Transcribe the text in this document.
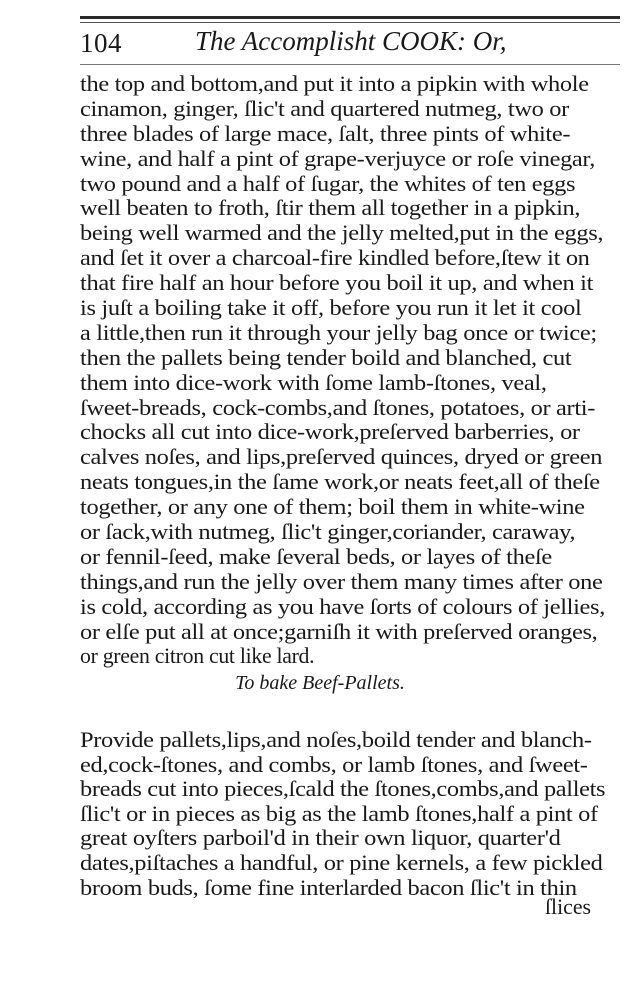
104	The Accomplisht COOK: Or,
the top and bottom,and put it into a pipkin with whole
cinamon, ginger, ſlic't and quartered nutmeg, two or
three blades of large mace, ſalt, three pints of white-
wine, and half a pint of grape-verjuyce or roſe vinegar,
two pound and a half of ſugar, the whites of ten eggs
well beaten to froth, ſtir them all together in a pipkin,
being well warmed and the jelly melted,put in the eggs,
and ſet it over a charcoal-fire kindled before,ſtew it on
that fire half an hour before you boil it up, and when it
is juſt a boiling take it off, before you run it let it cool
a little,then run it through your jelly bag once or twice;
then the pallets being tender boild and blanched, cut
them into dice-work with ſome lamb-ſtones, veal,
ſweet-breads, cock-combs,and ſtones, potatoes, or arti-
chocks all cut into dice-work,preſerved barberries, or
calves noſes, and lips,preſerved quinces, dryed or green
neats tongues,in the ſame work,or neats feet,all of theſe
together, or any one of them; boil them in white-wine
or ſack,with nutmeg, ſlic't ginger,coriander, caraway,
or fennil-ſeed, make ſeveral beds, or layes of theſe
things,and run the jelly over them many times after one
is cold, according as you have ſorts of colours of jellies,
or elſe put all at once;garniſh it with preſerved oranges,
or green citron cut like lard.
To bake Beef-Pallets.
Provide pallets,lips,and noſes,boild tender and blanch-
ed,cock-ſtones, and combs, or lamb ſtones, and ſweet-
breads cut into pieces,ſcald the ſtones,combs,and pallets
ſlic't or in pieces as big as the lamb ſtones,half a pint of
great oyſters parboil'd in their own liquor, quarter'd
dates,piſtaches a handful, or pine kernels, a few pickled
broom buds, ſome fine interlarded bacon ſlic't in thin
ſlices
